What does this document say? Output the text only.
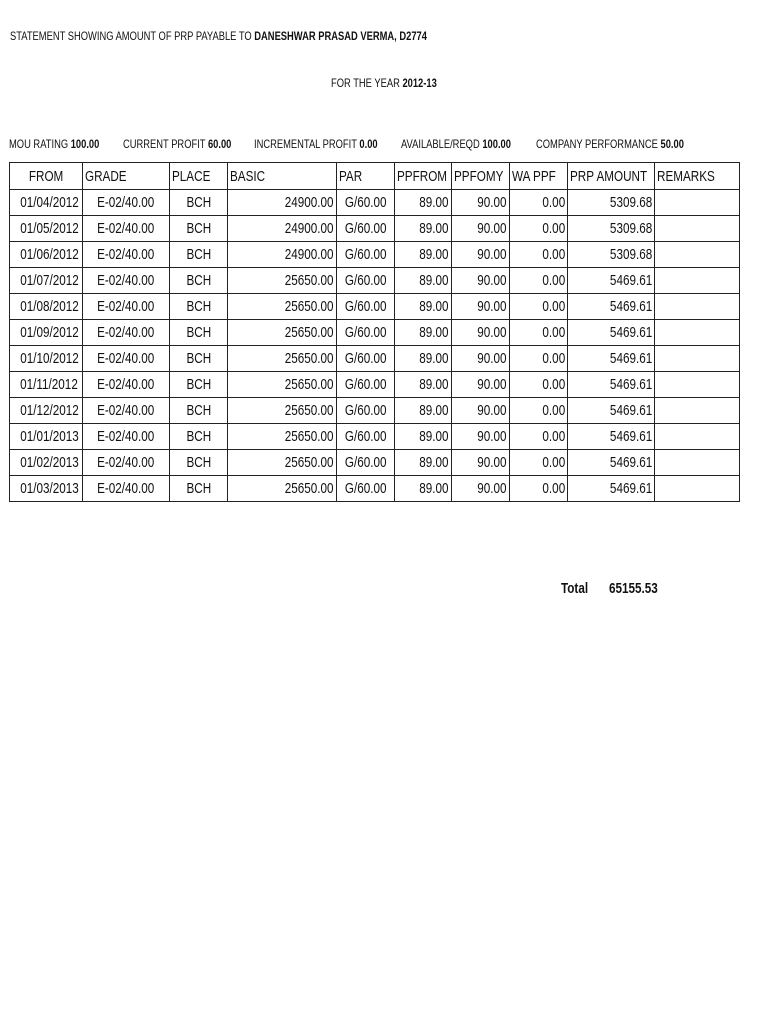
STATEMENT SHOWING AMOUNT OF PRP PAYABLE TO DANESHWAR PRASAD VERMA, D2774
FOR THE YEAR 2012-13
MOU RATING 100.00	CURRENT PROFIT 60.00	INCREMENTAL PROFIT 0.00	AVAILABLE/REQD 100.00	COMPANY PERFORMANCE 50.00
FROM	GRADE	PLACE	BASIC	PAR	PPFROM	PPFOMY	WA PPF	PRP AMOUNT	REMARKS
01/04/2012	E-02/40.00	BCH	24900.00	G/60.00	89.00	90.00	0.00	5309.68	
01/05/2012	E-02/40.00	BCH	24900.00	G/60.00	89.00	90.00	0.00	5309.68	
01/06/2012	E-02/40.00	BCH	24900.00	G/60.00	89.00	90.00	0.00	5309.68	
01/07/2012	E-02/40.00	BCH	25650.00	G/60.00	89.00	90.00	0.00	5469.61	
01/08/2012	E-02/40.00	BCH	25650.00	G/60.00	89.00	90.00	0.00	5469.61	
01/09/2012	E-02/40.00	BCH	25650.00	G/60.00	89.00	90.00	0.00	5469.61	
01/10/2012	E-02/40.00	BCH	25650.00	G/60.00	89.00	90.00	0.00	5469.61	
01/11/2012	E-02/40.00	BCH	25650.00	G/60.00	89.00	90.00	0.00	5469.61	
01/12/2012	E-02/40.00	BCH	25650.00	G/60.00	89.00	90.00	0.00	5469.61	
01/01/2013	E-02/40.00	BCH	25650.00	G/60.00	89.00	90.00	0.00	5469.61	
01/02/2013	E-02/40.00	BCH	25650.00	G/60.00	89.00	90.00	0.00	5469.61	
01/03/2013	E-02/40.00	BCH	25650.00	G/60.00	89.00	90.00	0.00	5469.61	
Total	65155.53
